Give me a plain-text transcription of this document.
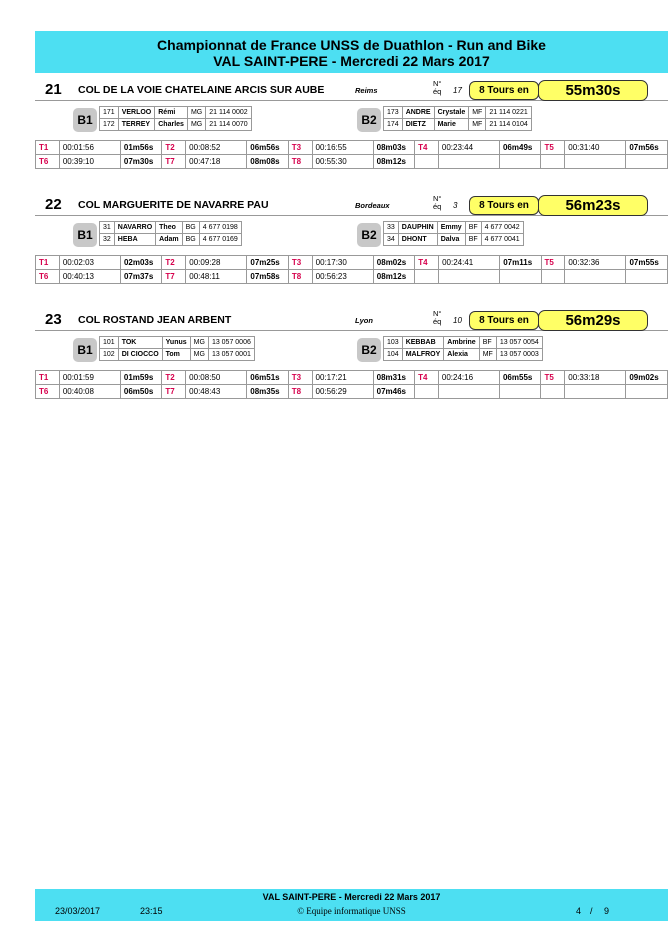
Championnat de France UNSS de Duathlon - Run and Bike
VAL SAINT-PERE - Mercredi 22 Mars 2017
21 COL DE LA VOIE CHATELAINE ARCIS SUR AUBE	Reims
N°
éq	17	8 Tours en	55m30s
B1
171	VERLOO	Rémi	MG	21 114 0002
172	TERREY	Charles	MG	21 114 0070	B2
173	ANDRE	Crystale	MF	21 114 0221
174	DIETZ	Marie	MF	21 114 0104
T1	00:01:56	01m56s	T2	00:08:52	06m56s	T3	00:16:55	08m03s	T4	00:23:44	06m49s	T5	00:31:40	07m56s
T6	00:39:10	07m30s	T7	00:47:18	08m08s	T8	00:55:30	08m12s						
22 COL MARGUERITE DE NAVARRE PAU	Bordeaux
N°
éq	3	8 Tours en	56m23s
B1
31	NAVARRO	Theo	BG	4 677 0198
32	HEBA	Adam	BG	4 677 0169	B2
33	DAUPHIN	Emmy	BF	4 677 0042
34	DHONT	Dalva	BF	4 677 0041
T1	00:02:03	02m03s	T2	00:09:28	07m25s	T3	00:17:30	08m02s	T4	00:24:41	07m11s	T5	00:32:36	07m55s
T6	00:40:13	07m37s	T7	00:48:11	07m58s	T8	00:56:23	08m12s						
23 COL ROSTAND JEAN ARBENT	Lyon
N°
éq	10	8 Tours en	56m29s
B1
101	TOK	Yunus	MG	13 057 0006
102	DI CIOCCO	Tom	MG	13 057 0001	B2
103	KEBBAB	Ambrine	BF	13 057 0054
104	MALFROY	Alexia	MF	13 057 0003
T1	00:01:59	01m59s	T2	00:08:50	06m51s	T3	00:17:21	08m31s	T4	00:24:16	06m55s	T5	00:33:18	09m02s
T6	00:40:08	06m50s	T7	00:48:43	08m35s	T8	00:56:29	07m46s						
VAL SAINT-PERE - Mercredi 22 Mars 2017
23/03/2017	23:15	© Equipe informatique UNSS	4 / 9
